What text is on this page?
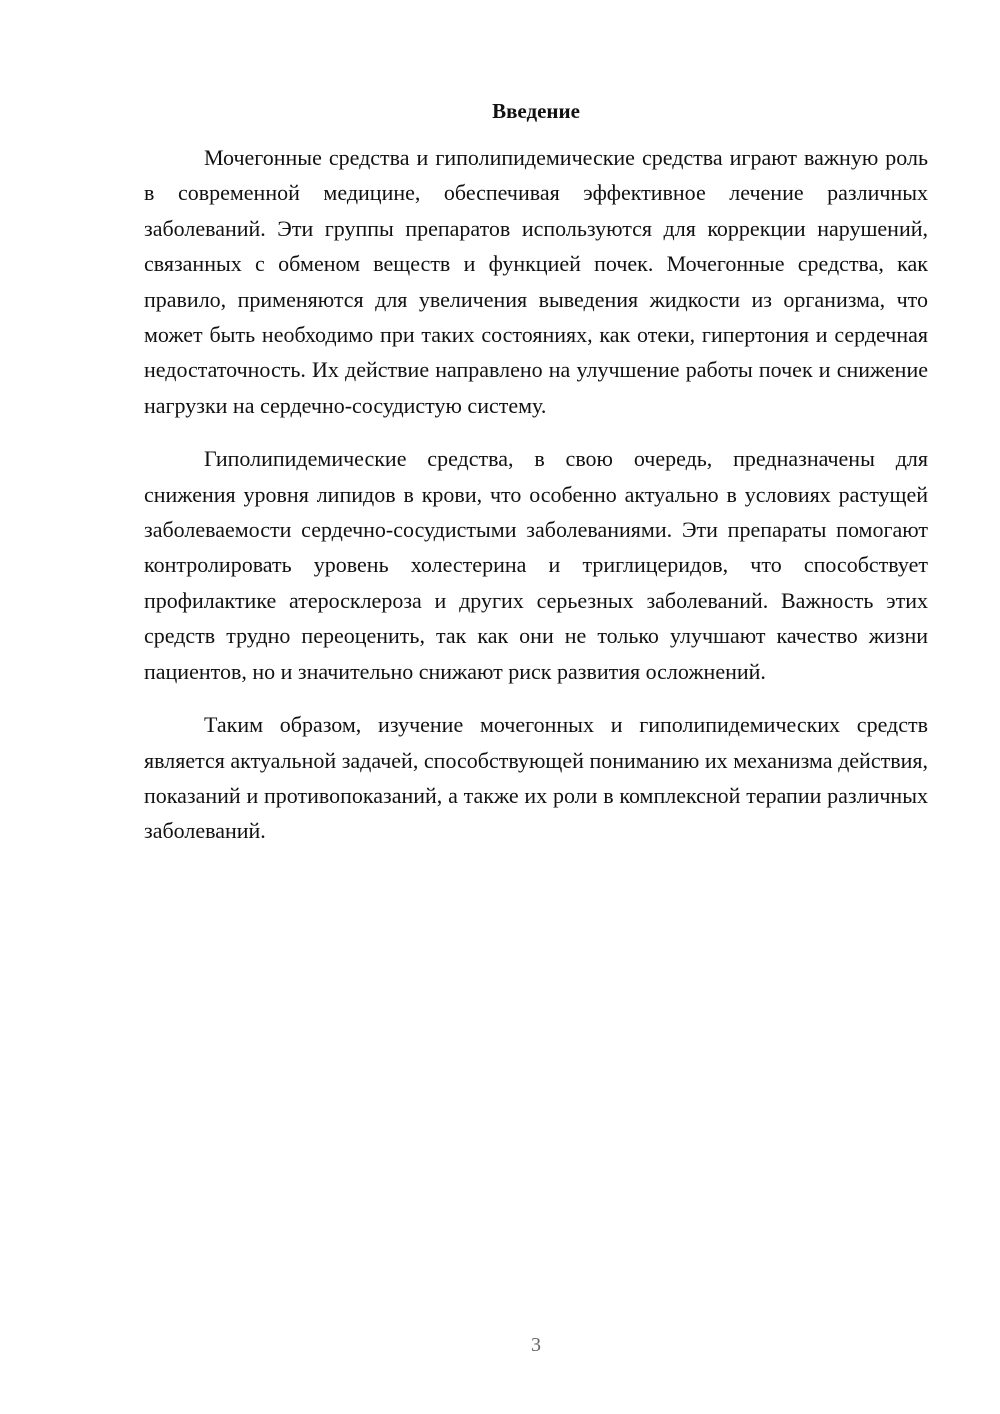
Введение

Мочегонные средства и гиполипидемические средства играют важную роль в современной медицине, обеспечивая эффективное лечение различных заболеваний. Эти группы препаратов используются для коррекции нарушений, связанных с обменом веществ и функцией почек. Мочегонные средства, как правило, применяются для увеличения выведения жидкости из организма, что может быть необходимо при таких состояниях, как отеки, гипертония и сердечная недостаточность. Их действие направлено на улучшение работы почек и снижение нагрузки на сердечно-сосудистую систему.

Гиполипидемические средства, в свою очередь, предназначены для снижения уровня липидов в крови, что особенно актуально в условиях растущей заболеваемости сердечно-сосудистыми заболеваниями. Эти препараты помогают контролировать уровень холестерина и триглицеридов, что способствует профилактике атеросклероза и других серьезных заболеваний. Важность этих средств трудно переоценить, так как они не только улучшают качество жизни пациентов, но и значительно снижают риск развития осложнений.

Таким образом, изучение мочегонных и гиполипидемических средств является актуальной задачей, способствующей пониманию их механизма действия, показаний и противопоказаний, а также их роли в комплексной терапии различных заболеваний.

3
